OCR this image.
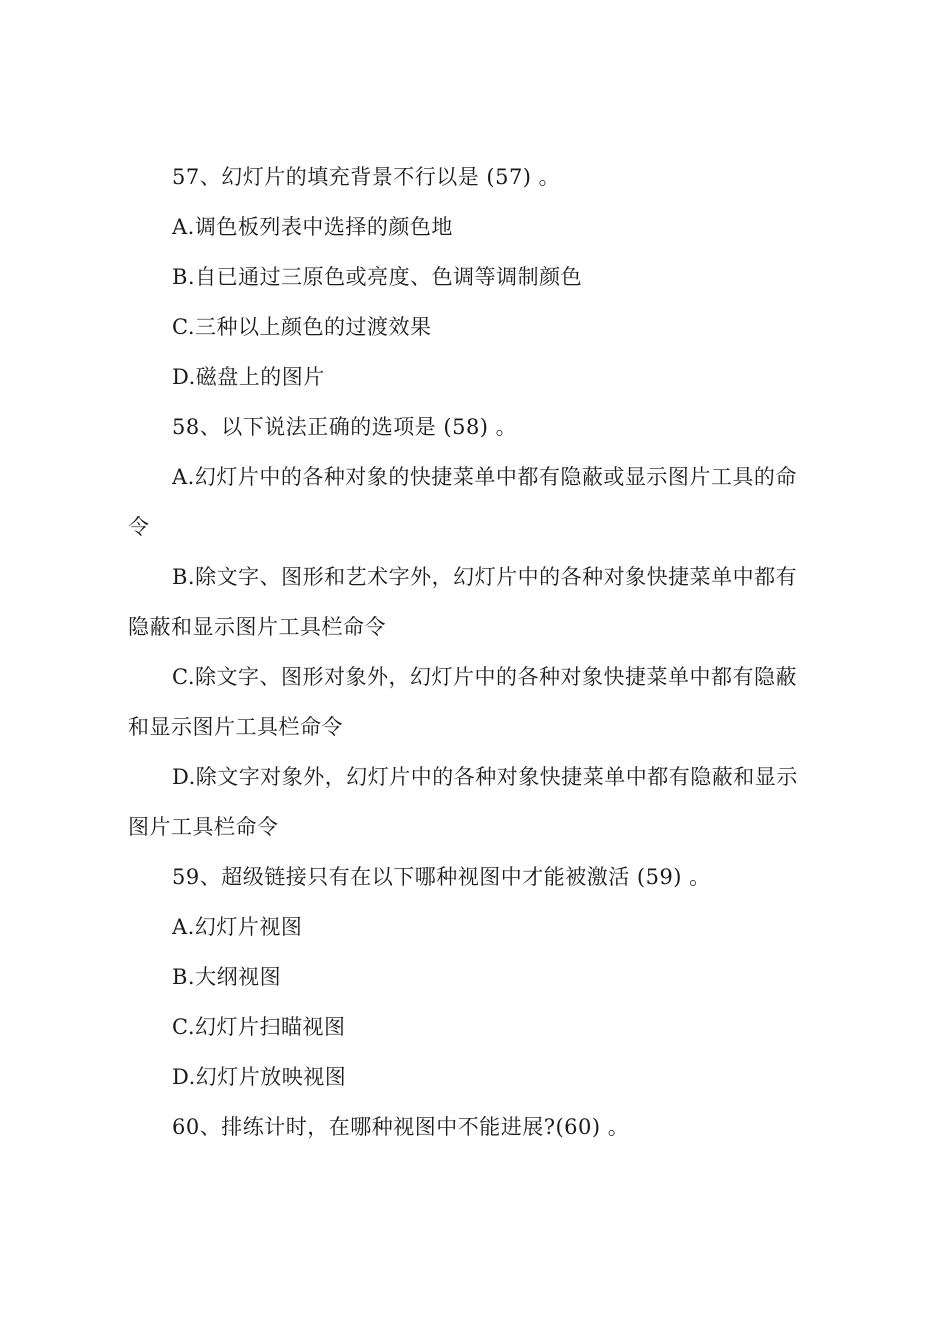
57、幻灯片的填充背景不行以是 (57) 。
A.调色板列表中选择的颜色地
B.自已通过三原色或亮度、色调等调制颜色
C.三种以上颜色的过渡效果
D.磁盘上的图片
58、以下说法正确的选项是 (58) 。
A.幻灯片中的各种对象的快捷菜单中都有隐蔽或显示图片工具的命
令
B.除文字、图形和艺术字外，幻灯片中的各种对象快捷菜单中都有
隐蔽和显示图片工具栏命令
C.除文字、图形对象外，幻灯片中的各种对象快捷菜单中都有隐蔽
和显示图片工具栏命令
D.除文字对象外，幻灯片中的各种对象快捷菜单中都有隐蔽和显示
图片工具栏命令
59、超级链接只有在以下哪种视图中才能被激活 (59) 。
A.幻灯片视图
B.大纲视图
C.幻灯片扫瞄视图
D.幻灯片放映视图
60、排练计时，在哪种视图中不能进展?(60) 。
